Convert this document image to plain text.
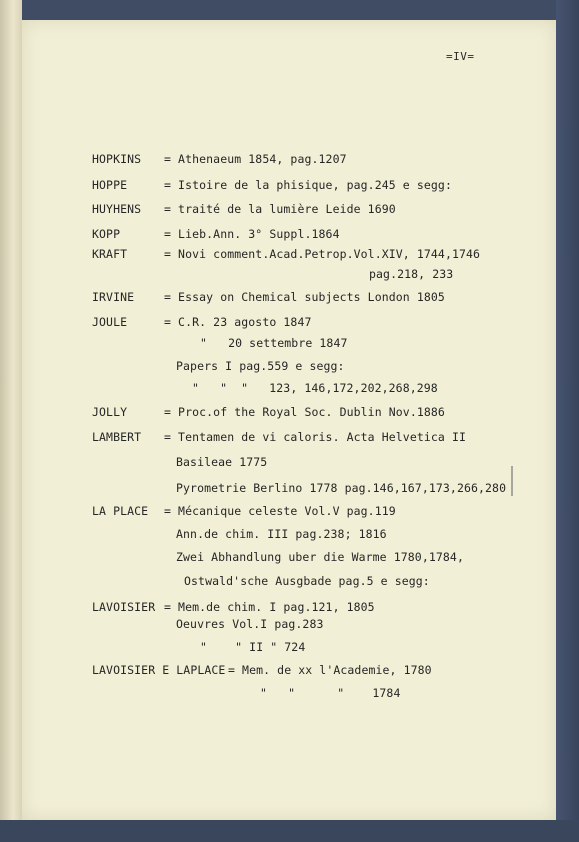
=IV=
HOPKINS = Athenaeum 1854, pag.1207
HOPPE	= Istoire de la phisique, pag.245 e segg:
HUYHENS = traité de la lumière Leide 1690
KOPP	= Lieb.Ann. 3° Suppl.1864
KRAFT	= Novi comment.Acad.Petrop.Vol.XIV, 1744,1746
pag.218, 233
IRVINE	= Essay on Chemical subjects London 1805
JOULE	= C.R. 23 agosto 1847
"   20 settembre 1847
Papers I pag.559 e segg:
"   "  "   123, 146,172,202,268,298
JOLLY	= Proc.of the Royal Soc. Dublin Nov.1886
LAMBERT = Tentamen de vi caloris. Acta Helvetica II
Basileae 1775
Pyrometrie Berlino 1778 pag.146,167,173,266,280
LA PLACE = Mécanique celeste Vol.V pag.119
Ann.de chim. III pag.238; 1816
Zwei Abhandlung uber die Warme 1780,1784,
Ostwald'sche Ausgbade pag.5 e segg:
LAVOISIER = Mem.de chim. I pag.121, 1805
Oeuvres Vol.I pag.283
"    " II " 724
LAVOISIER E LAPLACE = Mem. de xx l'Academie, 1780
"   "      "    1784
